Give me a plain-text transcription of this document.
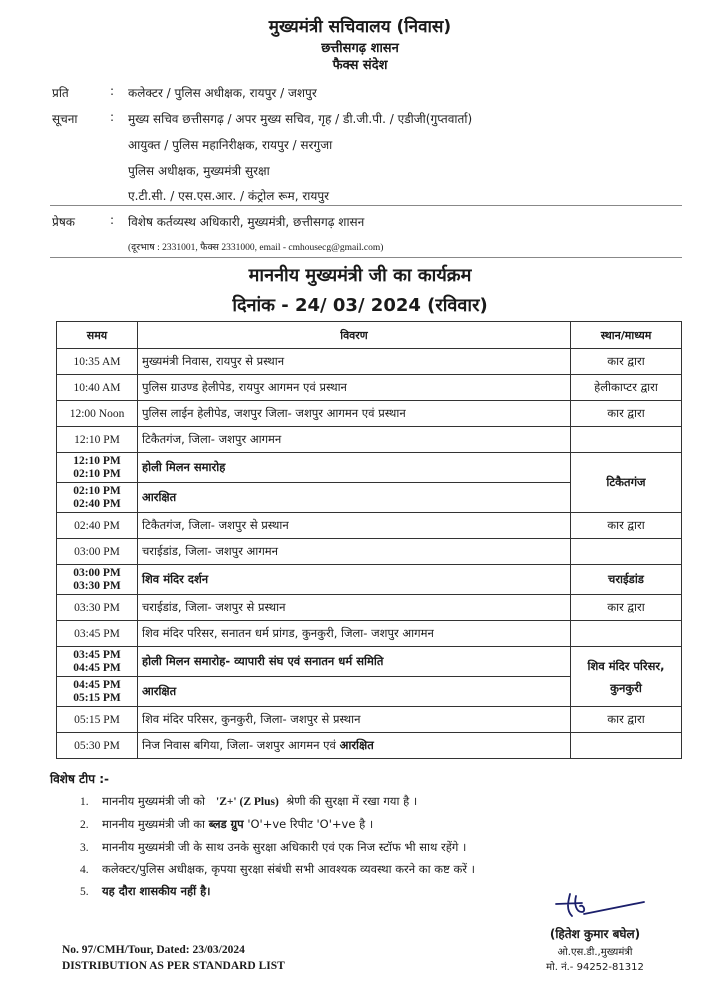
मुख्यमंत्री सचिवालय (निवास)
छत्तीसगढ़ शासन
फैक्स संदेश
प्रति	: कलेक्टर / पुलिस अधीक्षक, रायपुर / जशपुर
सूचना	: मुख्य सचिव छत्तीसगढ़ / अपर मुख्य सचिव, गृह / डी.जी.पी. / एडीजी(गुप्तवार्ता)
आयुक्त / पुलिस महानिरीक्षक, रायपुर / सरगुजा
पुलिस अधीक्षक, मुख्यमंत्री सुरक्षा
ए.टी.सी. / एस.एस.आर. / कंट्रोल रूम, रायपुर
प्रेषक	: विशेष कर्तव्यस्थ अधिकारी, मुख्यमंत्री, छत्तीसगढ़ शासन
(दूरभाष : 2331001, फैक्स 2331000, email - cmhousecg@gmail.com)
माननीय मुख्यमंत्री जी का कार्यक्रम
दिनांक - 24/ 03/ 2024 (रविवार)
समय	विवरण	स्थान/माध्यम
10:35 AM	मुख्यमंत्री निवास, रायपुर से प्रस्थान	कार द्वारा
10:40 AM	पुलिस ग्राउण्ड हेलीपेड, रायपुर आगमन एवं प्रस्थान	हेलीकाप्टर द्वारा
12:00 Noon	पुलिस लाईन हेलीपेड, जशपुर जिला- जशपुर आगमन एवं प्रस्थान	कार द्वारा
12:10 PM	टिकैतगंज, जिला- जशपुर आगमन	

12:10 PM
02:10 PM	होली मिलन समारोह	टिकैतगंज

02:10 PM
02:40 PM	आरक्षित	
02:40 PM	टिकैतगंज, जिला- जशपुर से प्रस्थान	कार द्वारा
03:00 PM	चराईडांड, जिला- जशपुर आगमन	

03:00 PM
03:30 PM	शिव मंदिर दर्शन	चराईडांड
03:30 PM	चराईडांड, जिला- जशपुर से प्रस्थान	कार द्वारा
03:45 PM	शिव मंदिर परिसर, सनातन धर्म प्रांगड, कुनकुरी, जिला- जशपुर आगमन	

03:45 PM
04:45 PM	होली मिलन समारोह- व्यापारी संघ एवं सनातन धर्म समिति	शिव मंदिर परिसर, कुनकुरी

04:45 PM
05:15 PM	आरक्षित	
05:15 PM	शिव मंदिर परिसर, कुनकुरी, जिला- जशपुर से प्रस्थान	कार द्वारा
05:30 PM	निज निवास बगिया, जिला- जशपुर आगमन एवं आरक्षित	
विशेष टीप :-
1. माननीय मुख्यमंत्री जी को 'Z+' (Z Plus) श्रेणी की सुरक्षा में रखा गया है ।
2. माननीय मुख्यमंत्री जी का ब्लड ग्रुप 'O'+ve रिपीट 'O'+ve है ।
3. माननीय मुख्यमंत्री जी के साथ उनके सुरक्षा अधिकारी एवं एक निज स्टॉफ भी साथ रहेंगे ।
4. कलेक्टर/पुलिस अधीक्षक, कृपया सुरक्षा संबंधी सभी आवश्यक व्यवस्था करने का कष्ट करें ।
5. यह दौरा शासकीय नहीं है।
(हितेश कुमार बघेल)
ओ.एस.डी.,मुख्यमंत्री
मो. नं.- 94252-81312
No. 97/CMH/Tour, Dated: 23/03/2024
DISTRIBUTION AS PER STANDARD LIST
